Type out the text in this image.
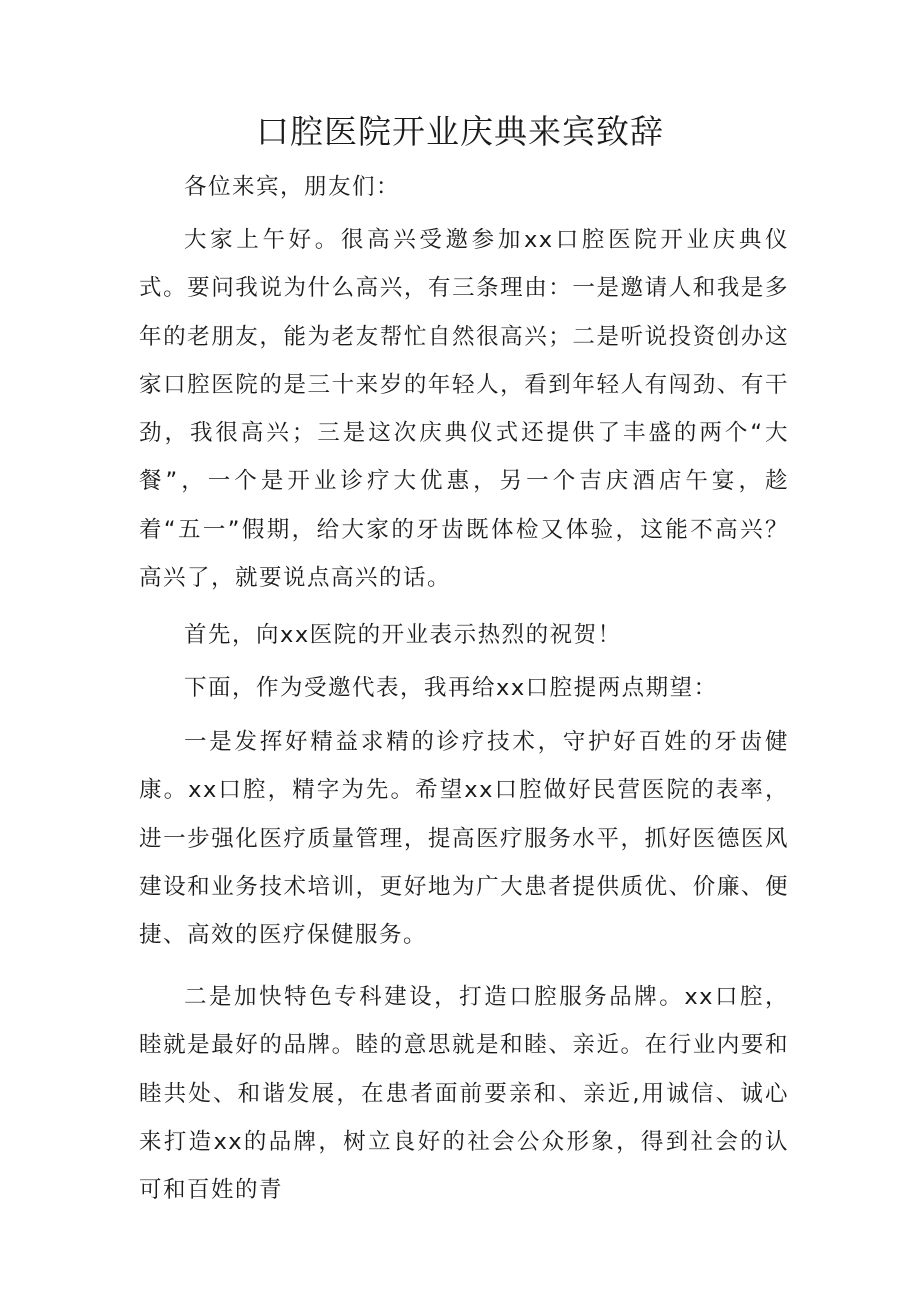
口腔医院开业庆典来宾致辞

各位来宾，朋友们：

大家上午好。很高兴受邀参加xx口腔医院开业庆典仪式。要问我说为什么高兴，有三条理由：一是邀请人和我是多年的老朋友，能为老友帮忙自然很高兴；二是听说投资创办这家口腔医院的是三十来岁的年轻人，看到年轻人有闯劲、有干劲，我很高兴；三是这次庆典仪式还提供了丰盛的两个“大餐”，一个是开业诊疗大优惠，另一个吉庆酒店午宴，趁着“五一”假期，给大家的牙齿既体检又体验，这能不高兴？高兴了，就要说点高兴的话。

首先，向xx医院的开业表示热烈的祝贺！

下面，作为受邀代表，我再给xx口腔提两点期望：

一是发挥好精益求精的诊疗技术，守护好百姓的牙齿健康。xx口腔，精字为先。希望xx口腔做好民营医院的表率，进一步强化医疗质量管理，提高医疗服务水平，抓好医德医风建设和业务技术培训，更好地为广大患者提供质优、价廉、便捷、高效的医疗保健服务。

二是加快特色专科建设，打造口腔服务品牌。xx口腔，睦就是最好的品牌。睦的意思就是和睦、亲近。在行业内要和睦共处、和谐发展，在患者面前要亲和、亲近,用诚信、诚心来打造xx的品牌，树立良好的社会公众形象，得到社会的认可和百姓的青
